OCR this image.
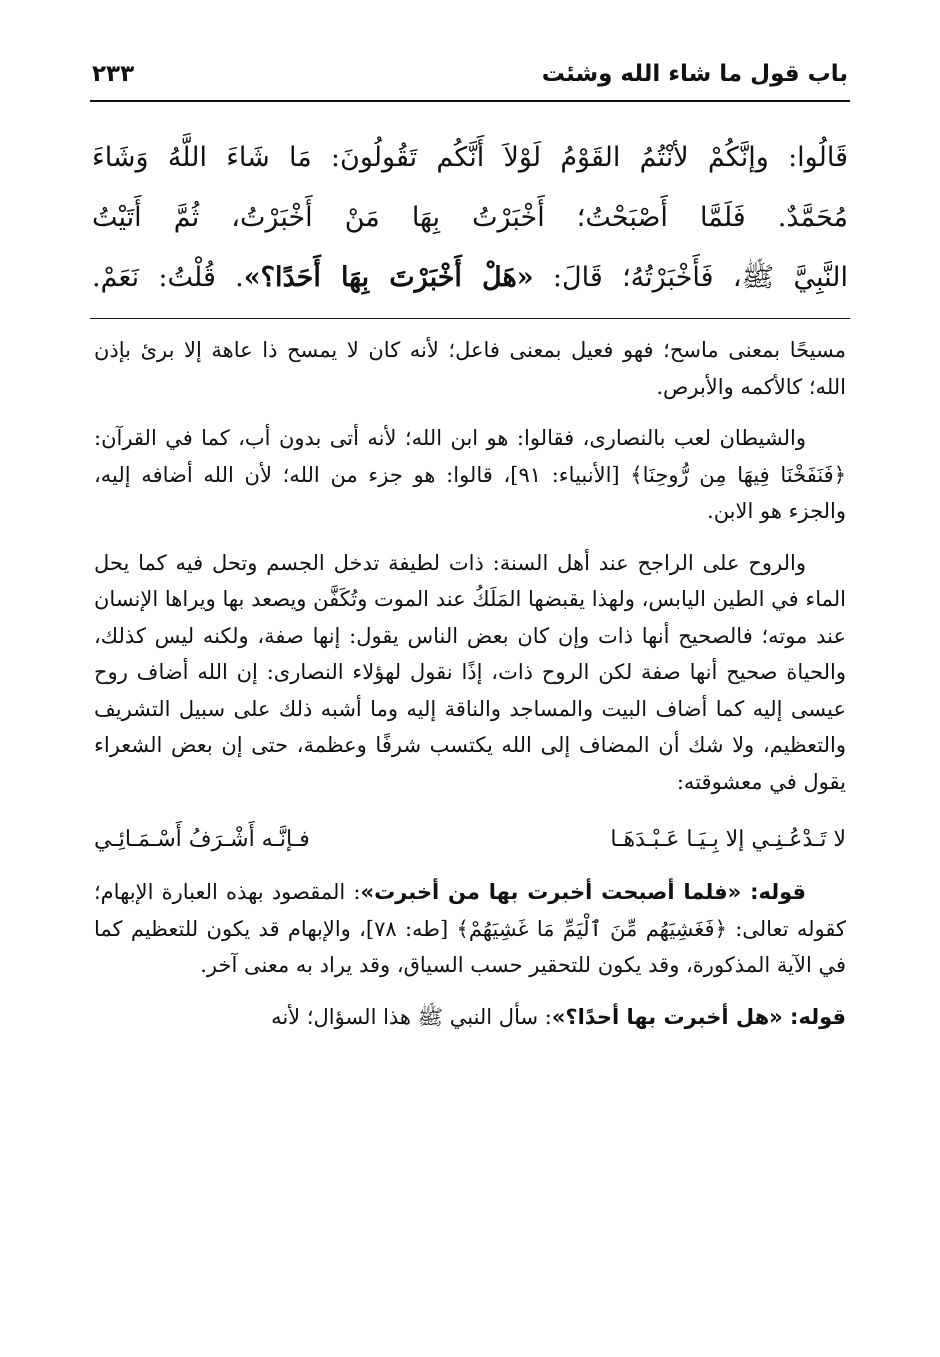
باب قول ما شاء الله وشئت
٢٣٣
قَالُوا: وإنَّكُمْ لأنْتُمُ القَوْمُ لَوْلاَ أَنَّكُم تَقُولُونَ: مَا شَاءَ اللَّهُ وَشَاءَ
مُحَمَّدٌ. فَلَمَّا أَصْبَحْتُ؛ أَخْبَرْتُ بِهَا مَنْ أَخْبَرْتُ، ثُمَّ أَتَيْتُ
النَّبِيَّ ﷺ، فَأَخْبَرْتُهُ؛ قَالَ: «هَلْ أَخْبَرْتَ بِهَا أَحَدًا؟». قُلْتُ: نَعَمْ.

مسيحًا بمعنى ماسح؛ فهو فعيل بمعنى فاعل؛ لأنه كان لا يمسح ذا عاهة إلا برئ بإذن الله؛ كالأكمه والأبرص.

والشيطان لعب بالنصارى، فقالوا: هو ابن الله؛ لأنه أتى بدون أب، كما في القرآن: ﴿فَنَفَخْنَا فِيهَا مِن رُّوحِنَا﴾ [الأنبياء: ٩١]، قالوا: هو جزء من الله؛ لأن الله أضافه إليه، والجزء هو الابن.

والروح على الراجح عند أهل السنة: ذات لطيفة تدخل الجسم وتحل فيه كما يحل الماء في الطين اليابس، ولهذا يقبضها المَلَكُ عند الموت وتُكَفَّن ويصعد بها ويراها الإنسان عند موته؛ فالصحيح أنها ذات وإن كان بعض الناس يقول: إنها صفة، ولكنه ليس كذلك، والحياة صحيح أنها صفة لكن الروح ذات، إذًا نقول لهؤلاء النصارى: إن الله أضاف روح عيسى إليه كما أضاف البيت والمساجد والناقة إليه وما أشبه ذلك على سبيل التشريف والتعظيم، ولا شك أن المضاف إلى الله يكتسب شرفًا وعظمة، حتى إن بعض الشعراء يقول في معشوقته:

لا تَـدْعُـنِـي إلا بِـيَـا عَـبْـدَهَـا
فـإنَّـه أَشْـرَفُ أَسْـمَـائِـي

قوله: «فلما أصبحت أخبرت بها من أخبرت»: المقصود بهذه العبارة الإبهام؛ كقوله تعالى: ﴿فَغَشِيَهُم مِّنَ ٱلْيَمِّ مَا غَشِيَهُمْ﴾ [طه: ٧٨]، والإبهام قد يكون للتعظيم كما في الآية المذكورة، وقد يكون للتحقير حسب السياق، وقد يراد به معنى آخر.

قوله: «هل أخبرت بها أحدًا؟»: سأل النبي ﷺ هذا السؤال؛ لأنه
